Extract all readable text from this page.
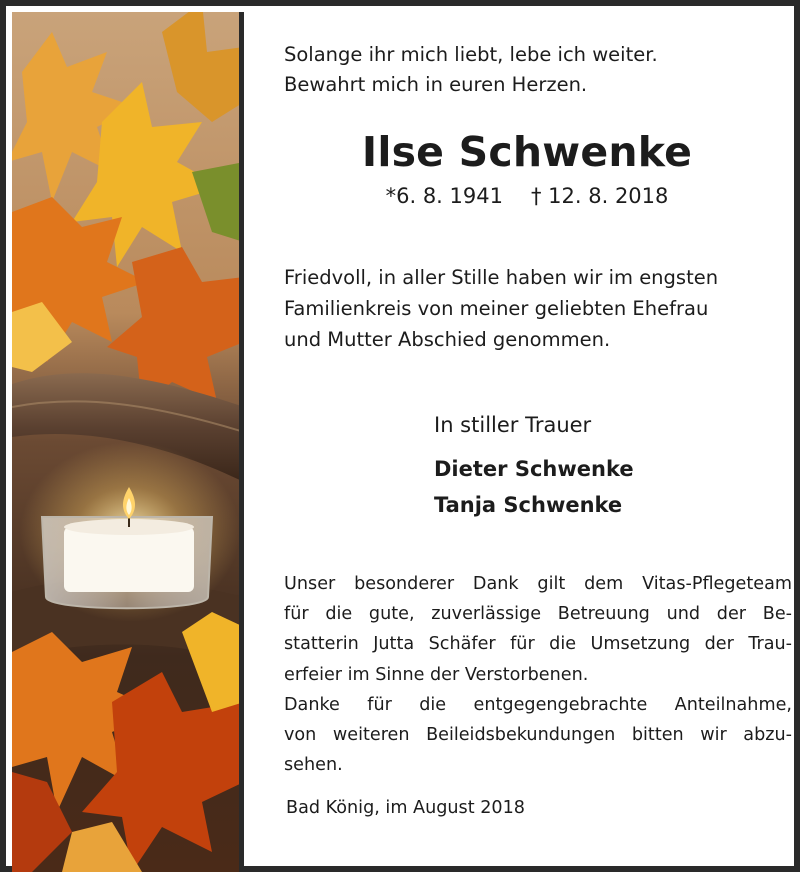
Solange ihr mich liebt, lebe ich weiter.
Bewahrt mich in euren Herzen.
Ilse Schwenke
*6. 8. 1941 † 12. 8. 2018
Friedvoll, in aller Stille haben wir im engsten
Familienkreis von meiner geliebten Ehefrau
und Mutter Abschied genommen.
In stiller Trauer
Dieter Schwenke
Tanja Schwenke
Unser besonderer Dank gilt dem Vitas-Pflegeteam
für die gute, zuverlässige Betreuung und der Be-
statterin Jutta Schäfer für die Umsetzung der Trau-
erfeier im Sinne der Verstorbenen.
Danke für die entgegengebrachte Anteilnahme,
von weiteren Beileidsbekundungen bitten wir abzu-
sehen.
Bad König, im August 2018
